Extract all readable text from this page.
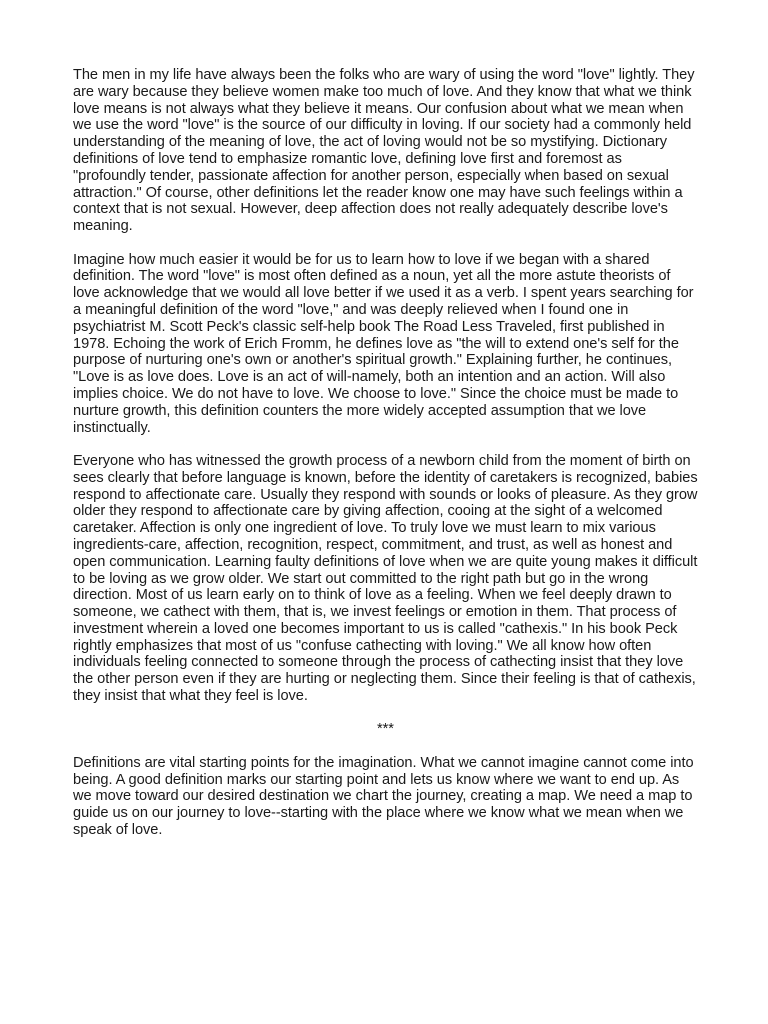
The men in my life have always been the folks who are wary of using the word "love" lightly. They are wary because they believe women make too much of love. And they know that what we think love means is not always what they believe it means. Our confusion about what we mean when we use the word "love" is the source of our difficulty in loving. If our society had a commonly held understanding of the meaning of love, the act of loving would not be so mystifying. Dictionary definitions of love tend to emphasize romantic love, defining love first and foremost as "profoundly tender, passionate affection for another person, especially when based on sexual attraction." Of course, other definitions let the reader know one may have such feelings within a context that is not sexual. However, deep affection does not really adequately describe love's meaning.

Imagine how much easier it would be for us to learn how to love if we began with a shared definition. The word "love" is most often defined as a noun, yet all the more astute theorists of love acknowledge that we would all love better if we used it as a verb. I spent years searching for a meaningful definition of the word "love," and was deeply relieved when I found one in psychiatrist M. Scott Peck's classic self-help book The Road Less Traveled, first published in 1978. Echoing the work of Erich Fromm, he defines love as "the will to extend one's self for the purpose of nurturing one's own or another's spiritual growth." Explaining further, he continues, "Love is as love does. Love is an act of will-namely, both an intention and an action. Will also implies choice. We do not have to love. We choose to love." Since the choice must be made to nurture growth, this definition counters the more widely accepted assumption that we love instinctually.

Everyone who has witnessed the growth process of a newborn child from the moment of birth on sees clearly that before language is known, before the identity of caretakers is recognized, babies respond to affectionate care. Usually they respond with sounds or looks of pleasure. As they grow older they respond to affectionate care by giving affection, cooing at the sight of a welcomed caretaker. Affection is only one ingredient of love. To truly love we must learn to mix various ingredients-care, affection, recognition, respect, commitment, and trust, as well as honest and open communication. Learning faulty definitions of love when we are quite young makes it difficult to be loving as we grow older. We start out committed to the right path but go in the wrong direction. Most of us learn early on to think of love as a feeling. When we feel deeply drawn to someone, we cathect with them, that is, we invest feelings or emotion in them. That process of investment wherein a loved one becomes important to us is called "cathexis." In his book Peck rightly emphasizes that most of us "confuse cathecting with loving." We all know how often individuals feeling connected to someone through the process of cathecting insist that they love the other person even if they are hurting or neglecting them. Since their feeling is that of cathexis, they insist that what they feel is love.

***

Definitions are vital starting points for the imagination. What we cannot imagine cannot come into being. A good definition marks our starting point and lets us know where we want to end up. As we move toward our desired destination we chart the journey, creating a map. We need a map to guide us on our journey to love--starting with the place where we know what we mean when we speak of love.
